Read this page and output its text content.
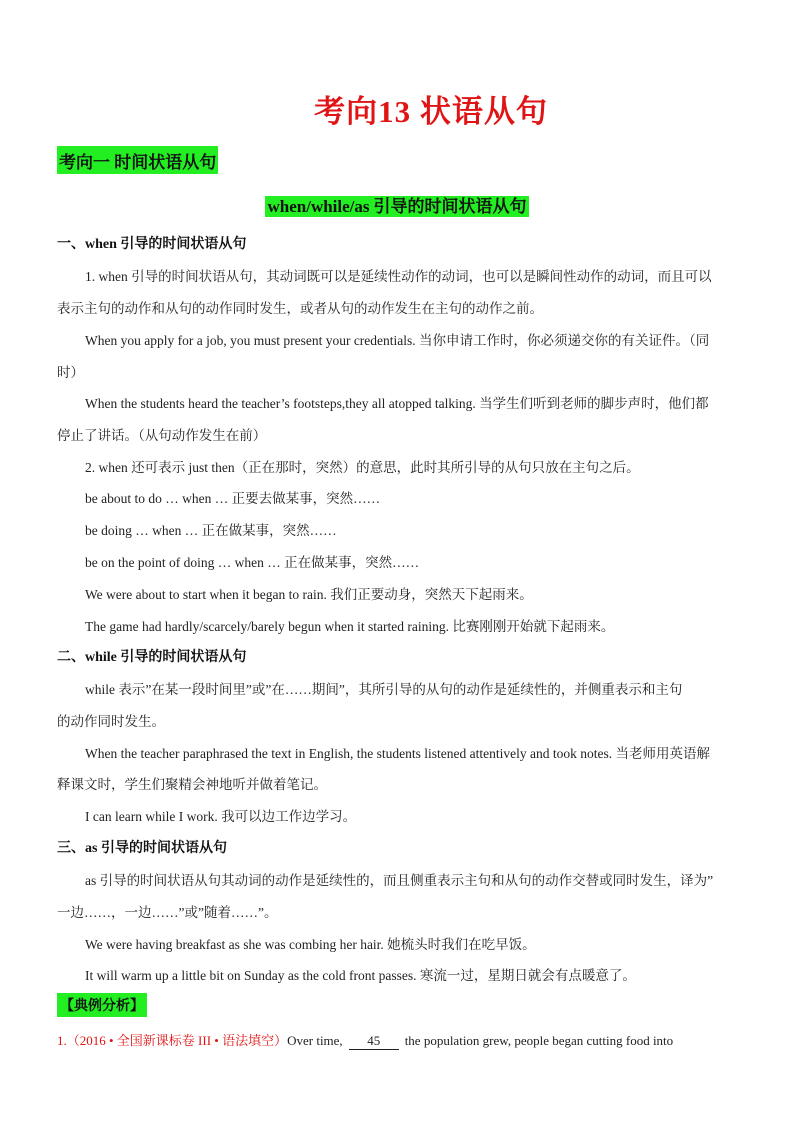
考向13 状语从句
考向一 时间状语从句
when/while/as 引导的时间状语从句
一、when 引导的时间状语从句
1. when 引导的时间状语从句，其动词既可以是延续性动作的动词，也可以是瞬间性动作的动词，而且可以
表示主句的动作和从句的动作同时发生，或者从句的动作发生在主句的动作之前。
When you apply for a job, you must present your credentials. 当你申请工作时，你必须递交你的有关证件。（同
时）
When the students heard the teacher’s footsteps,they all atopped talking. 当学生们听到老师的脚步声时，他们都
停止了讲话。（从句动作发生在前）
2. when 还可表示 just then（正在那时，突然）的意思，此时其所引导的从句只放在主句之后。
be about to do … when … 正要去做某事，突然……
be doing … when … 正在做某事，突然……
be on the point of doing … when … 正在做某事，突然……
We were about to start when it began to rain. 我们正要动身，突然天下起雨来。
The game had hardly/scarcely/barely begun when it started raining. 比赛刚刚开始就下起雨来。
二、while 引导的时间状语从句
while 表示”在某一段时间里”或”在……期间”，其所引导的从句的动作是延续性的，并侧重表示和主句
的动作同时发生。
When the teacher paraphrased the text in English, the students listened attentively and took notes. 当老师用英语解
释课文时，学生们聚精会神地听并做着笔记。
I can learn while I work. 我可以边工作边学习。
三、as 引导的时间状语从句
as 引导的时间状语从句其动词的动作是延续性的，而且侧重表示主句和从句的动作交替或同时发生，译为”
一边……，一边……”或”随着……”。
We were having breakfast as she was combing her hair. 她梳头时我们在吃早饭。
It will warm up a little bit on Sunday as the cold front passes. 寒流一过，星期日就会有点暖意了。
【典例分析】
1.（2016 • 全国新课标卷 III • 语法填空）Over time, 45 the population grew, people began cutting food into
